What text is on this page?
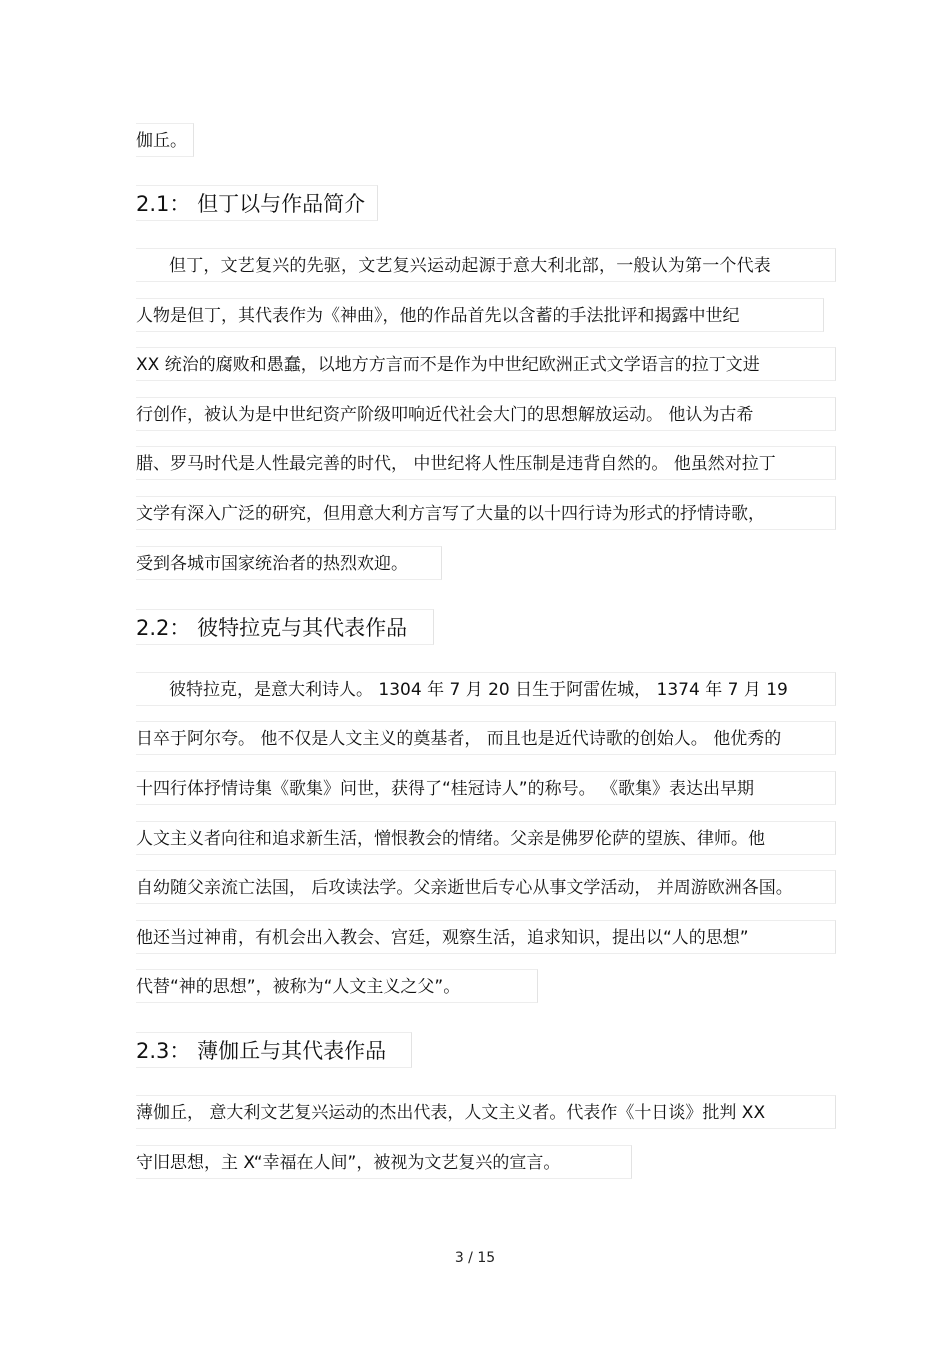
伽丘。
2.1： 但丁以与作品简介
但丁，文艺复兴的先驱，文艺复兴运动起源于意大利北部，一般认为第一个代表
人物是但丁，其代表作为《神曲》，他的作品首先以含蓄的手法批评和揭露中世纪
XX 统治的腐败和愚蠢，以地方方言而不是作为中世纪欧洲正式文学语言的拉丁文进
行创作，被认为是中世纪资产阶级叩响近代社会大门的思想解放运动。 他认为古希
腊、罗马时代是人性最完善的时代， 中世纪将人性压制是违背自然的。 他虽然对拉丁
文学有深入广泛的研究，但用意大利方言写了大量的以十四行诗为形式的抒情诗歌，
受到各城市国家统治者的热烈欢迎。
2.2： 彼特拉克与其代表作品
彼特拉克，是意大利诗人。 1304 年 7 月 20 日生于阿雷佐城， 1374 年 7 月 19
日卒于阿尔夸。 他不仅是人文主义的奠基者， 而且也是近代诗歌的创始人。 他优秀的
十四行体抒情诗集《歌集》问世，获得了“桂冠诗人”的称号。 《歌集》表达出早期
人文主义者向往和追求新生活，憎恨教会的情绪。父亲是佛罗伦萨的望族、律师。他
自幼随父亲流亡法国， 后攻读法学。父亲逝世后专心从事文学活动， 并周游欧洲各国。
他还当过神甫，有机会出入教会、宫廷，观察生活，追求知识，提出以“人的思想”
代替“神的思想”，被称为“人文主义之父”。
2.3： 薄伽丘与其代表作品
薄伽丘， 意大利文艺复兴运动的杰出代表，人文主义者。代表作《十日谈》批判 XX
守旧思想，主 X“幸福在人间”，被视为文艺复兴的宣言。
3 / 15
